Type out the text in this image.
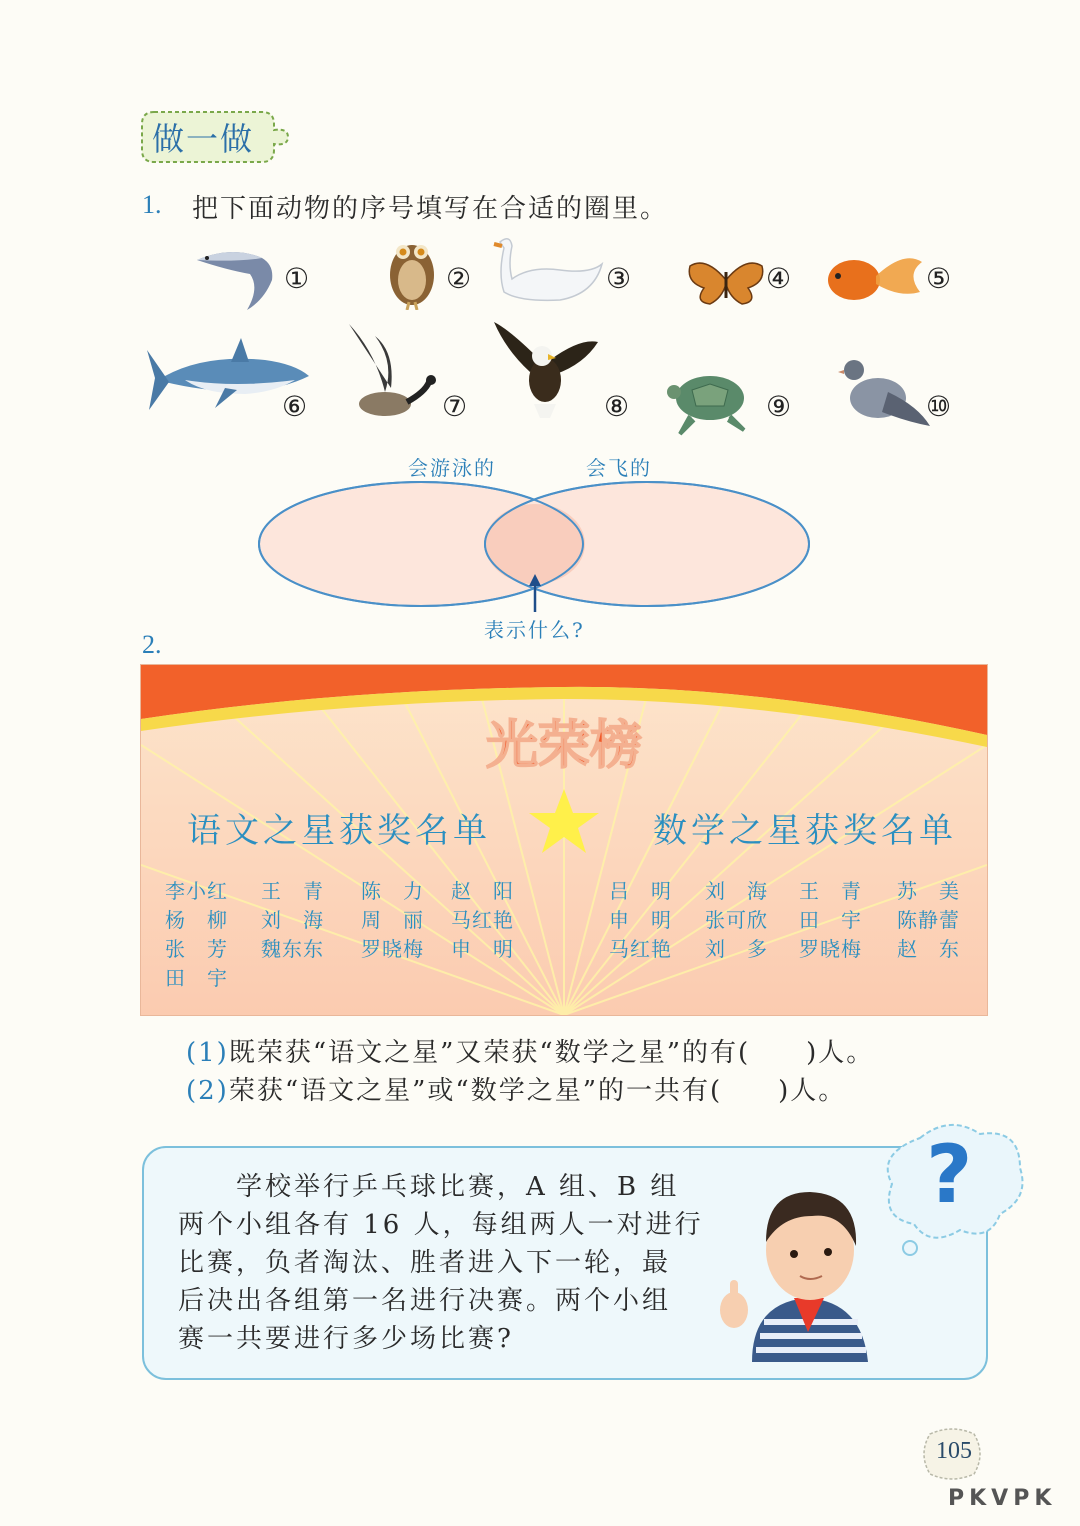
做一做
1. 把下面动物的序号填写在合适的圈里。
①	②	③	④	⑤
⑥	⑦	⑧	⑨	⑩
会游泳的	会飞的
表示什么?
2.
光荣榜
语文之星获奖名单	数学之星获奖名单
李小红 王　青 陈　力 赵　阳
杨　柳 刘　海 周　丽 马红艳
张　芳 魏东东 罗晓梅 申　明
田　宇
吕　明 刘　海 王　青 苏　美
申　明 张可欣 田　宇 陈静蕾
马红艳 刘　多 罗晓梅 赵　东
(1)既荣获“语文之星”又荣获“数学之星”的有(　　)人。
(2)荣获“语文之星”或“数学之星”的一共有(　　)人。
　　学校举行乒乓球比赛，A 组、B 组
两个小组各有 16 人，每组两人一对进行
比赛，负者淘汰、胜者进入下一轮，最
后决出各组第一名进行决赛。两个小组
赛一共要进行多少场比赛?
?
105
PKVPK
